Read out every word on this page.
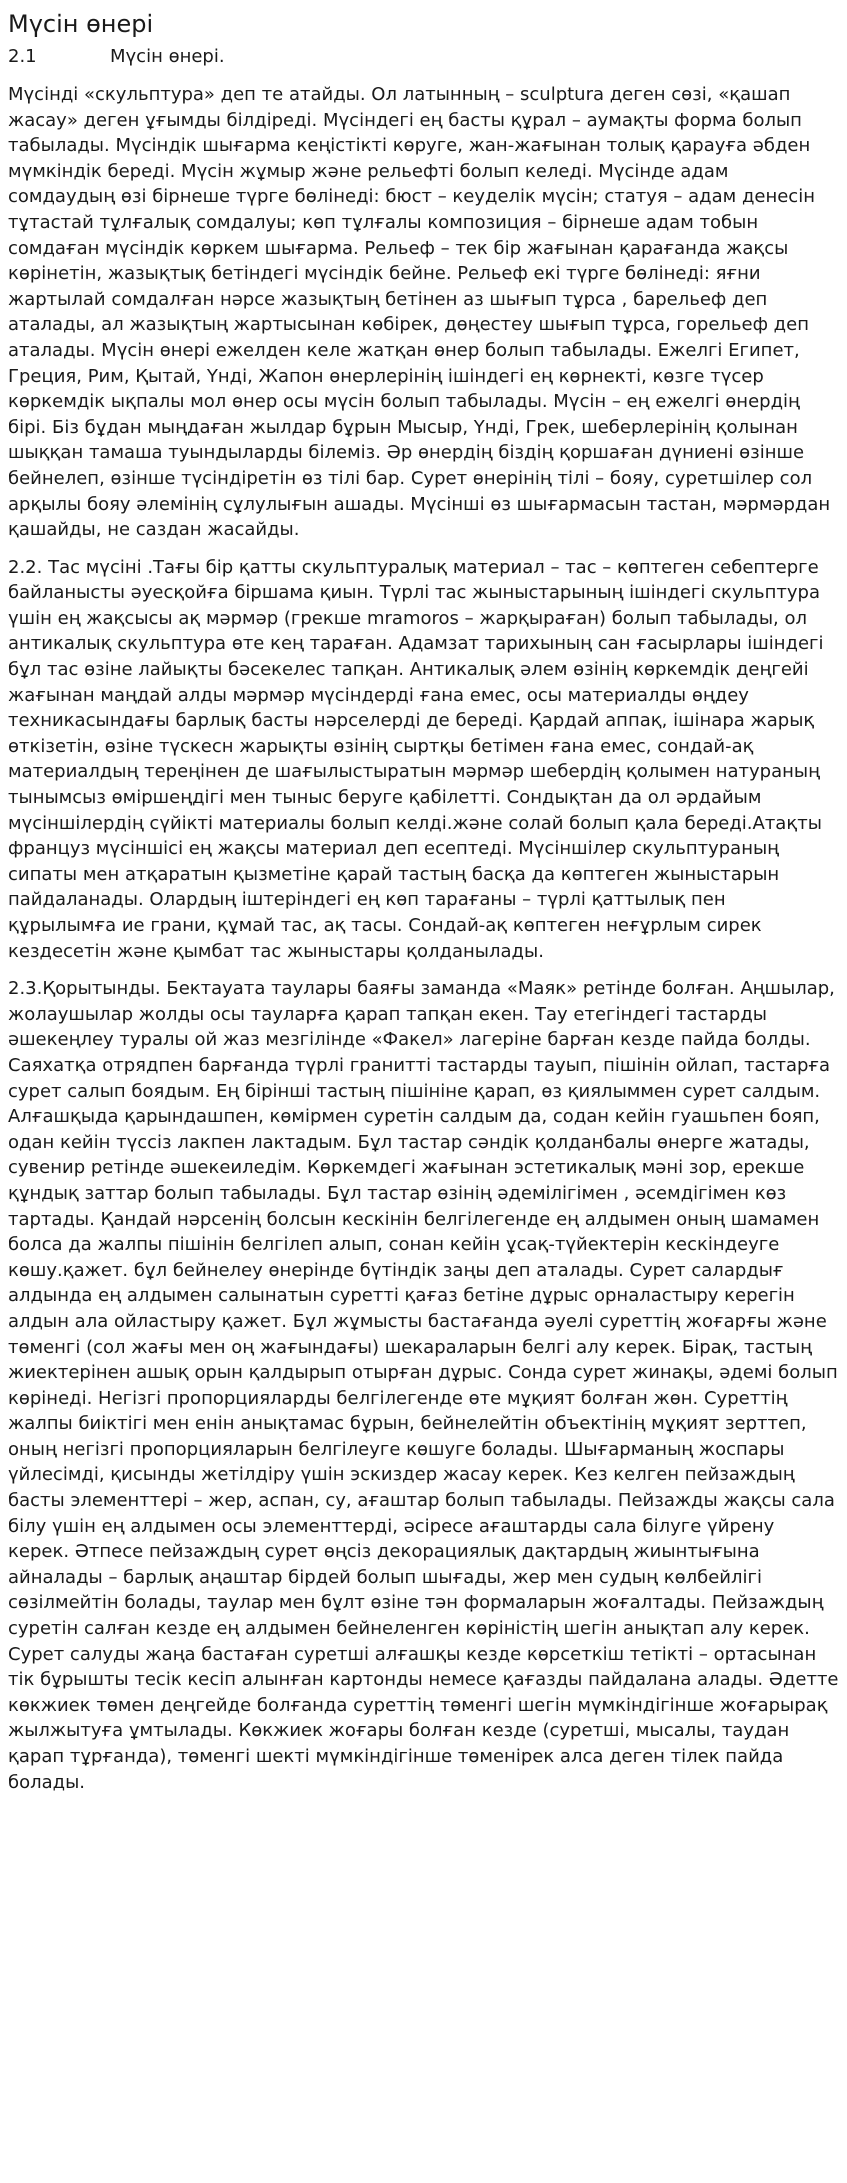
Мүсін өнері
2.1	Мүсін өнері.

Мүсінді «скульптура» деп те атайды. Ол латынның – sculptura деген сөзі, «қашап жасау» деген ұғымды білдіреді. Мүсіндегі ең басты құрал – аумақты форма болып табылады. Мүсіндік шығарма кеңістікті көруге, жан-жағынан толық қарауға әбден мүмкіндік береді. Мүсін жұмыр және рельефті болып келеді. Мүсінде адам сомдаудың өзі бірнеше түрге бөлінеді: бюст – кеуделік мүсін; статуя – адам денесін тұтастай тұлғалық сомдалуы; көп тұлғалы композиция – бірнеше адам тобын сомдаған мүсіндік көркем шығарма. Рельеф – тек бір жағынан қарағанда жақсы көрінетін, жазықтық бетіндегі мүсіндік бейне. Рельеф екі түрге бөлінеді: яғни жартылай сомдалған нәрсе жазықтың бетінен аз шығып тұрса , барельеф деп аталады, ал жазықтың жартысынан көбірек, дөңестеу шығып тұрса, горельеф деп аталады. Мүсін өнері ежелден келе жатқан өнер болып табылады. Ежелгі Египет, Греция, Рим, Қытай, Үнді, Жапон өнерлерінің ішіндегі ең көрнекті, көзге түсер көркемдік ықпалы мол өнер осы мүсін болып табылады. Мүсін – ең ежелгі өнердің бірі. Біз бұдан мыңдаған жылдар бұрын Мысыр, Үнді, Грек, шеберлерінің қолынан шыққан тамаша туындыларды білеміз. Әр өнердің біздің қоршаған дүниені өзінше бейнелеп, өзінше түсіндіретін өз тілі бар. Сурет өнерінің тілі – бояу, суретшілер сол арқылы бояу әлемінің сұлулығын ашады. Мүсінші өз шығармасын тастан, мәрмәрдан қашайды, не саздан жасайды.

2.2. Тас мүсіні .Тағы бір қатты скульптуралық материал – тас – көптеген себептерге байланысты әуесқойға біршама қиын. Түрлі тас жыныстарының ішіндегі скульптура үшін ең жақсысы ақ мәрмәр (грекше mramoros – жарқыраған) болып табылады, ол антикалық скульптура өте кең тараған. Адамзат тарихының сан ғасырлары ішіндегі бұл тас өзіне лайықты бәсекелес тапқан. Антикалық әлем өзінің көркемдік деңгейі жағынан маңдай алды мәрмәр мүсіндерді ғана емес, осы материалды өңдеу техникасындағы барлық басты нәрселерді де береді. Қардай аппақ, ішінара жарық өткізетін, өзіне түскесн жарықты өзінің сыртқы бетімен ғана емес, сондай-ақ материалдың тереңінен де шағылыстыратын мәрмәр шебердің қолымен натураның тынымсыз өміршеңдігі мен тыныс беруге қабілетті. Сондықтан да ол әрдайым мүсіншілердің сүйікті материалы болып келді.және солай болып қала береді.Атақты француз мүсіншісі ең жақсы материал деп есептеді. Мүсіншілер скульптураның сипаты мен атқаратын қызметіне қарай тастың басқа да көптеген жыныстарын пайдаланады. Олардың іштеріндегі ең көп тарағаны – түрлі қаттылық пен құрылымға ие грани, құмай тас, ақ тасы. Сондай-ақ көптеген неғұрлым сирек кездесетін және қымбат тас жыныстары қолданылады.

2.3.Қорытынды. Бектауата таулары баяғы заманда «Маяк» ретінде болған. Аңшылар, жолаушылар жолды осы тауларға қарап тапқан екен. Тау етегіндегі тастарды әшекеңлеу туралы ой жаз мезгілінде «Факел» лагеріне барған кезде пайда болды. Саяхатқа отрядпен барғанда түрлі гранитті тастарды тауып, пішінін ойлап, тастарға сурет салып боядым. Ең бірінші тастың пішініне қарап, өз қиялыммен сурет салдым. Алғашқыда қарындашпен, көмірмен суретін салдым да, содан кейін гуашьпен бояп, одан кейін түссіз лакпен лактадым. Бұл тастар сәндік қолданбалы өнерге жатады, сувенир ретінде әшекеиледім. Көркемдегі жағынан эстетикалық мәні зор, ерекше құндық заттар болып табылады. Бұл тастар өзінің әдемілігімен , әсемдігімен көз тартады. Қандай нәрсенің болсын кескінін белгілегенде ең алдымен оның шамамен болса да жалпы пішінін белгілеп алып, сонан кейін ұсақ-түйектерін кескіндеуге көшу.қажет. бұл бейнелеу өнерінде бүтіндік заңы деп аталады. Сурет салардығ алдында ең алдымен салынатын суретті қағаз бетіне дұрыс орналастыру керегін алдын ала ойластыру қажет. Бұл жұмысты бастағанда әуелі суреттің жоғарғы және төменгі (сол жағы мен оң жағындағы) шекараларын белгі алу керек. Бірақ, тастың жиектерінен ашық орын қалдырып отырған дұрыс. Сонда сурет жинақы, әдемі болып көрінеді. Негізгі пропорцияларды белгілегенде өте мұқият болған жөн. Суреттің жалпы биіктігі мен енін анықтамас бұрын, бейнелейтін объектінің мұқият зерттеп, оның негізгі пропорцияларын белгілеуге көшуге болады. Шығарманың жоспары үйлесімді, қисынды жетілдіру үшін эскиздер жасау керек. Кез келген пейзаждың басты элементтері – жер, аспан, су, ағаштар болып табылады. Пейзажды жақсы сала білу үшін ең алдымен осы элементтерді, әсіресе ағаштарды сала білуге үйрену керек. Әтпесе пейзаждың сурет өңсіз декорациялық дақтардың жиынтығына айналады – барлық аңаштар бірдей болып шығады, жер мен судың көлбейлігі сөзілмейтін болады, таулар мен бұлт өзіне тән формаларын жоғалтады. Пейзаждың суретін салған кезде ең алдымен бейнеленген көріністің шегін анықтап алу керек. Сурет салуды жаңа бастаған суретші алғашқы кезде көрсеткіш тетікті – ортасынан тік бұрышты тесік кесіп алынған картонды немесе қағазды пайдалана алады. Әдетте көкжиек төмен деңгейде болғанда суреттің төменгі шегін мүмкіндігінше жоғарырақ жылжытуға ұмтылады. Көкжиек жоғары болған кезде (суретші, мысалы, таудан қарап тұрғанда), төменгі шекті мүмкіндігінше төменірек алса деген тілек пайда болады.
